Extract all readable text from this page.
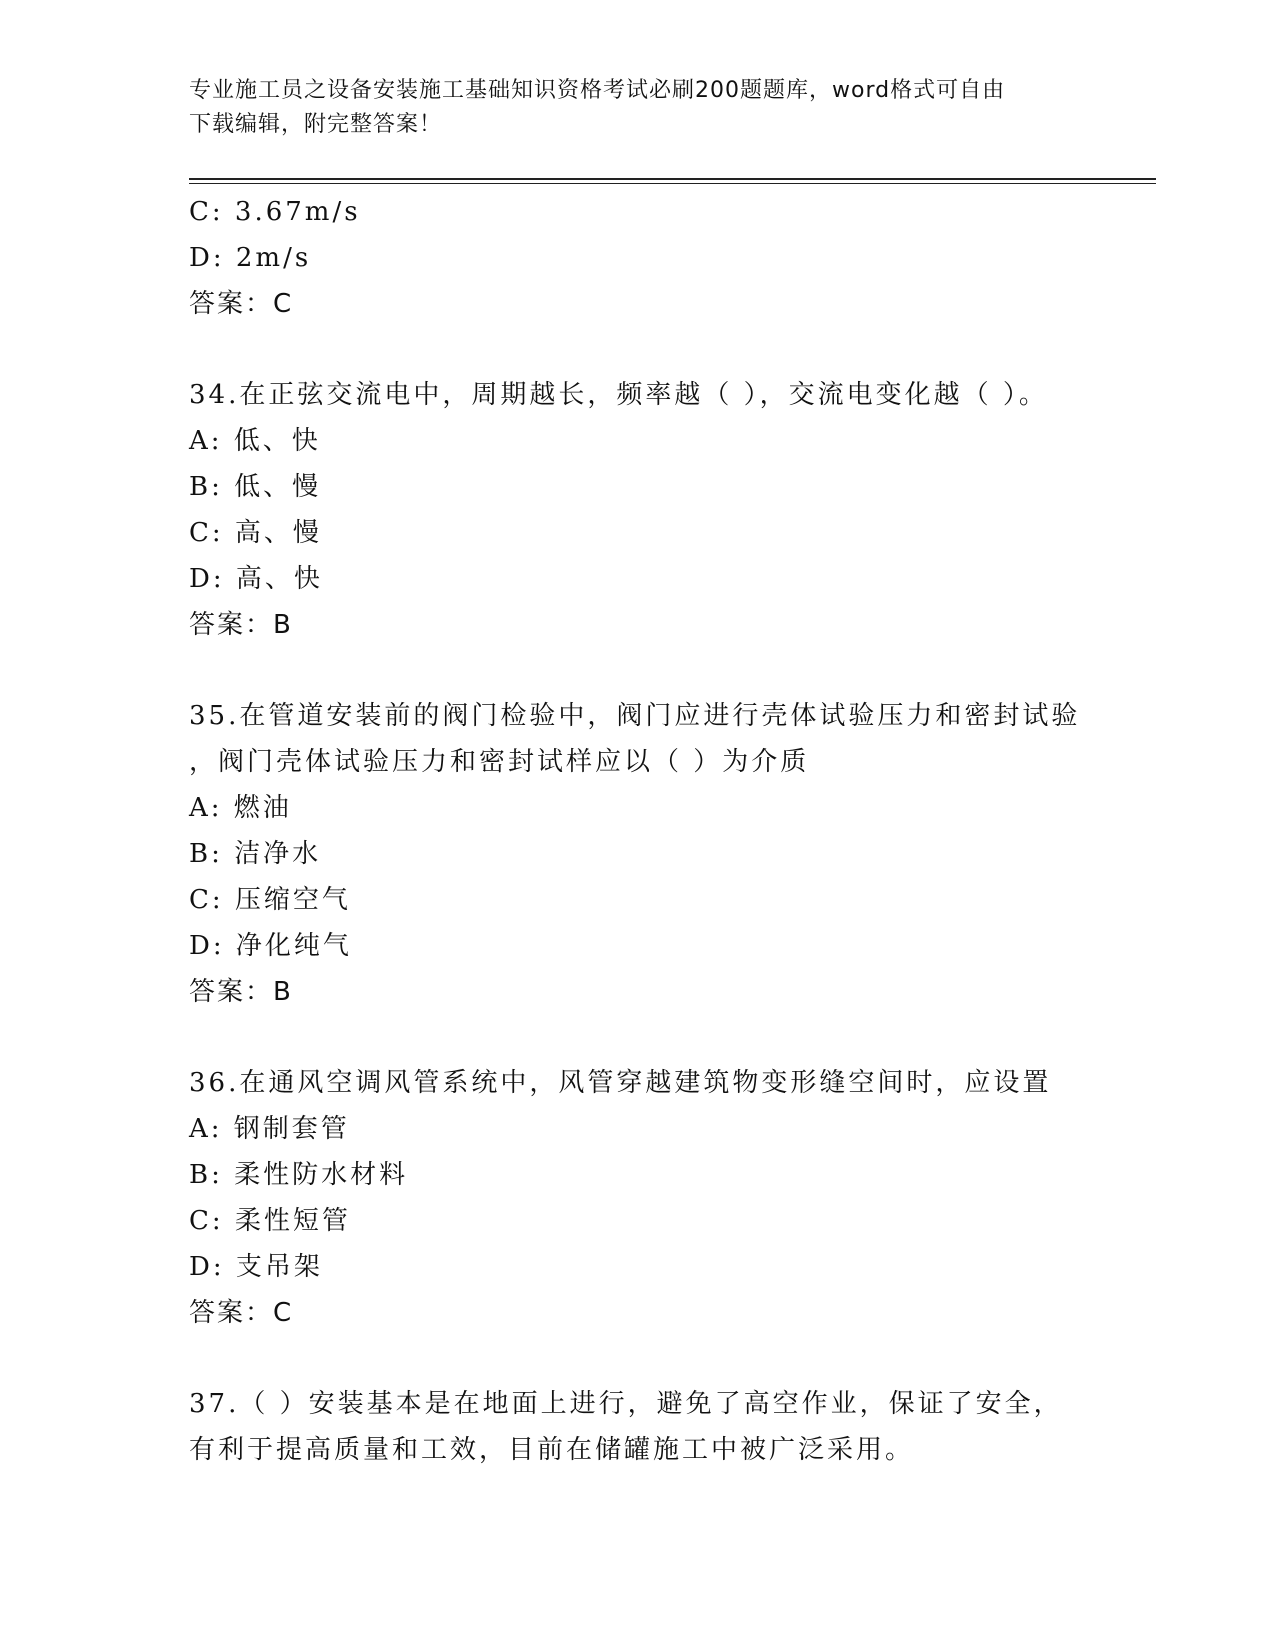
专业施工员之设备安装施工基础知识资格考试必刷200题题库，word格式可自由
下载编辑，附完整答案！
C: 3.67m/s
D: 2m/s
答案：C
34.在正弦交流电中，周期越长，频率越（ ），交流电变化越（ ）。
A: 低、快
B: 低、慢
C: 高、慢
D: 高、快
答案：B
35.在管道安装前的阀门检验中，阀门应进行壳体试验压力和密封试验
，阀门壳体试验压力和密封试样应以（ ）为介质
A: 燃油
B: 洁净水
C: 压缩空气
D: 净化纯气
答案：B
36.在通风空调风管系统中，风管穿越建筑物变形缝空间时，应设置
A: 钢制套管
B: 柔性防水材料
C: 柔性短管
D: 支吊架
答案：C
37.（ ）安装基本是在地面上进行，避免了高空作业，保证了安全，
有利于提高质量和工效，目前在储罐施工中被广泛采用。
